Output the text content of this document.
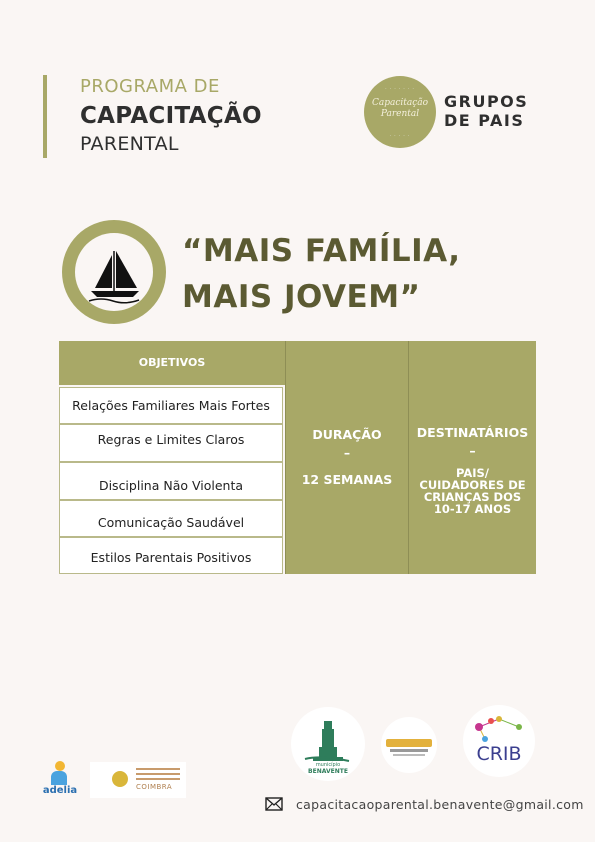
PROGRAMA DE
CAPACITAÇÃO
PARENTAL
· · · · · · ·
Capacitação
Parental
· · · · ·
GRUPOS
DE PAIS
“MAIS FAMÍLIA,
MAIS JOVEM”
OBJETIVOS
Relações Familiares Mais Fortes
Regras e Limites Claros
Disciplina Não Violenta
Comunicação Saudável
Estilos Parentais Positivos
DURAÇÃO
–
12 SEMANAS
DESTINATÁRIOS
–
PAIS/ CUIDADORES DE CRIANÇAS DOS 10-17 ANOS
município
BENAVENTE
CRIB
adelia	COIMBRA
capacitacaoparental.benavente@gmail.com
